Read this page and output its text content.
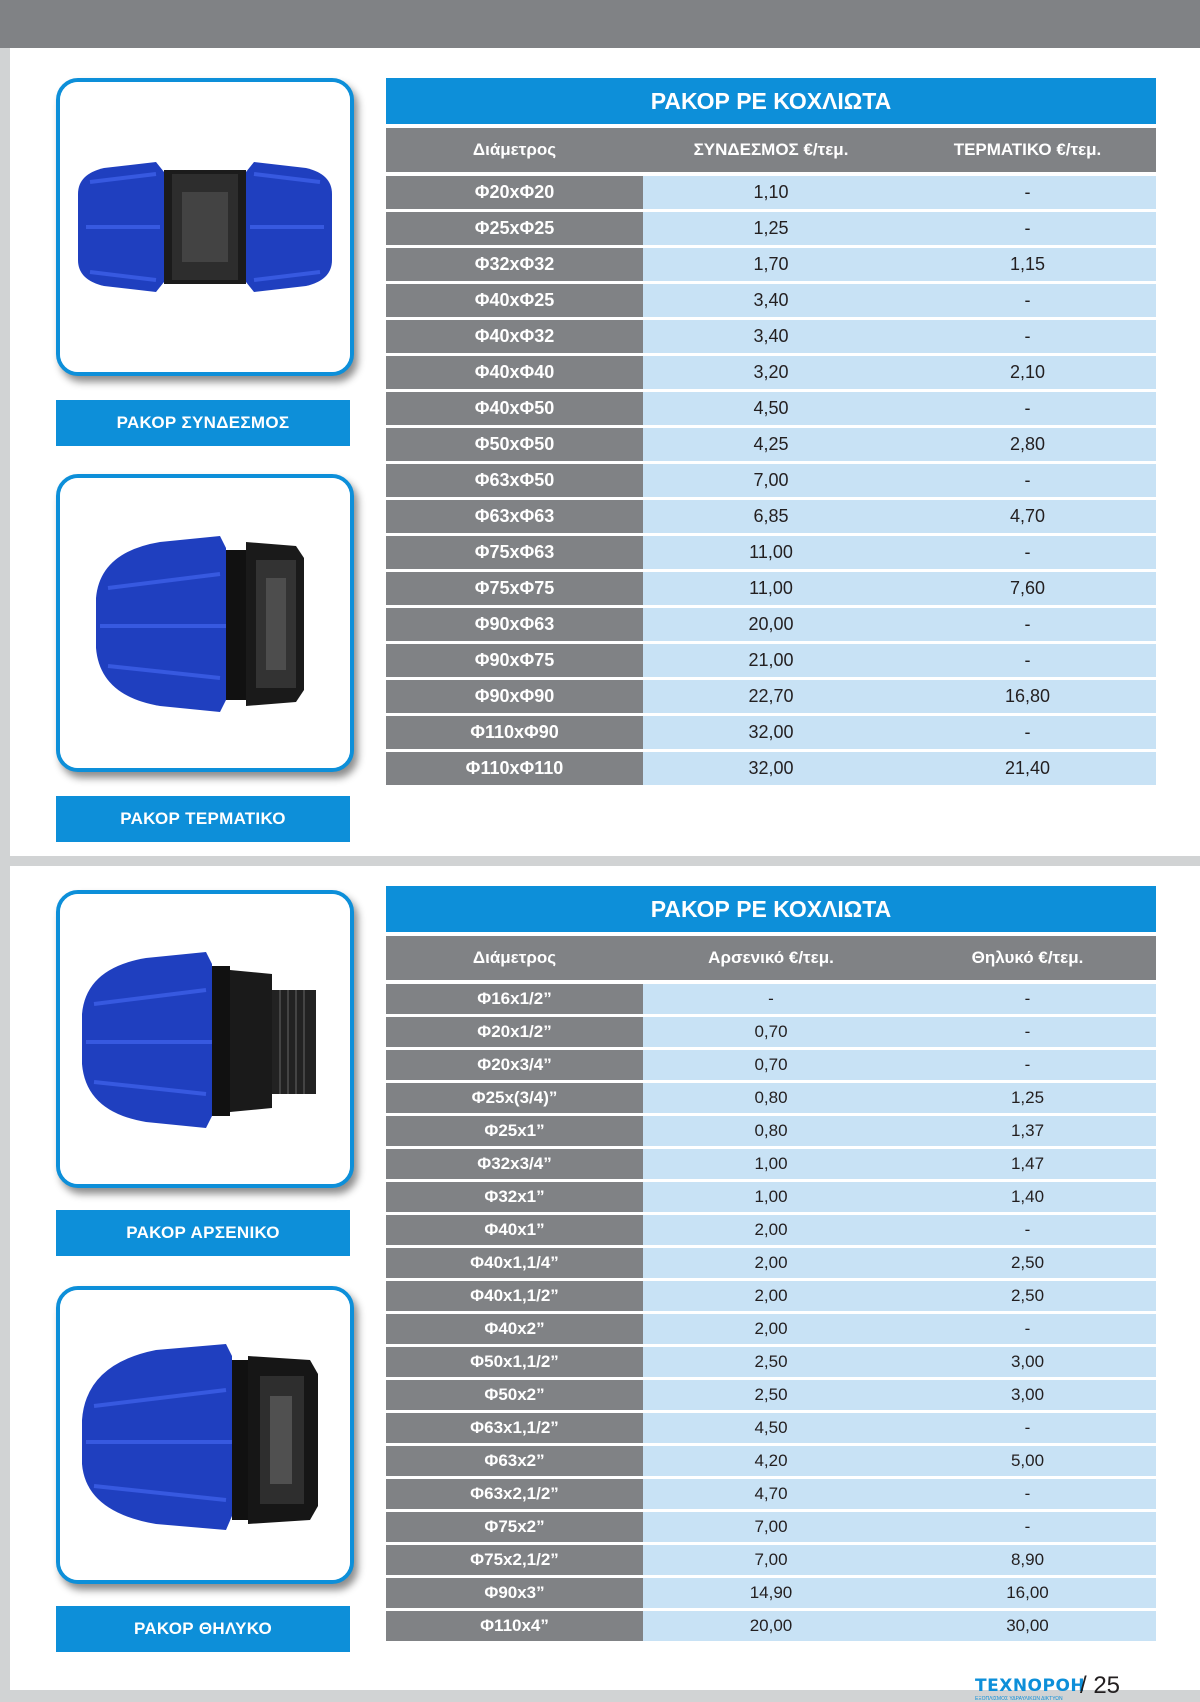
ΡΑΚΟΡ ΣΥΝΔΕΣΜΟΣ
ΡΑΚΟΡ ΤΕΡΜΑΤΙΚΟ
ΡΑΚΟΡ ΡΕ ΚΟΧΛΙΩΤΑ
Διάμετρος	ΣΥΝΔΕΣΜΟΣ €/τεμ.	ΤΕΡΜΑΤΙΚΟ €/τεμ.
Φ20xΦ20	1,10	-
Φ25xΦ25	1,25	-
Φ32xΦ32	1,70	1,15
Φ40xΦ25	3,40	-
Φ40xΦ32	3,40	-
Φ40xΦ40	3,20	2,10
Φ40xΦ50	4,50	-
Φ50xΦ50	4,25	2,80
Φ63xΦ50	7,00	-
Φ63xΦ63	6,85	4,70
Φ75xΦ63	11,00	-
Φ75xΦ75	11,00	7,60
Φ90xΦ63	20,00	-
Φ90xΦ75	21,00	-
Φ90xΦ90	22,70	16,80
Φ110xΦ90	32,00	-
Φ110xΦ110	32,00	21,40
ΡΑΚΟΡ ΑΡΣΕΝΙΚΟ
ΡΑΚΟΡ ΘΗΛΥΚΟ
ΡΑΚΟΡ ΡΕ ΚΟΧΛΙΩΤΑ
Διάμετρος	Αρσενικό €/τεμ.	Θηλυκό €/τεμ.
Φ16x1/2”	-	-
Φ20x1/2”	0,70	-
Φ20x3/4”	0,70	-
Φ25x(3/4)”	0,80	1,25
Φ25x1”	0,80	1,37
Φ32x3/4”	1,00	1,47
Φ32x1”	1,00	1,40
Φ40x1”	2,00	-
Φ40x1,1/4”	2,00	2,50
Φ40x1,1/2”	2,00	2,50
Φ40x2”	2,00	-
Φ50x1,1/2”	2,50	3,00
Φ50x2”	2,50	3,00
Φ63x1,1/2”	4,50	-
Φ63x2”	4,20	5,00
Φ63x2,1/2”	4,70	-
Φ75x2”	7,00	-
Φ75x2,1/2”	7,00	8,90
Φ90x3”	14,90	16,00
Φ110x4”	20,00	30,00
ΤΕΧΝΟΡΟΗ
ΕΞΟΠΛΙΣΜΟΣ ΥΔΡΑΥΛΙΚΩΝ ΔΙΚΤΥΩΝ / 25
